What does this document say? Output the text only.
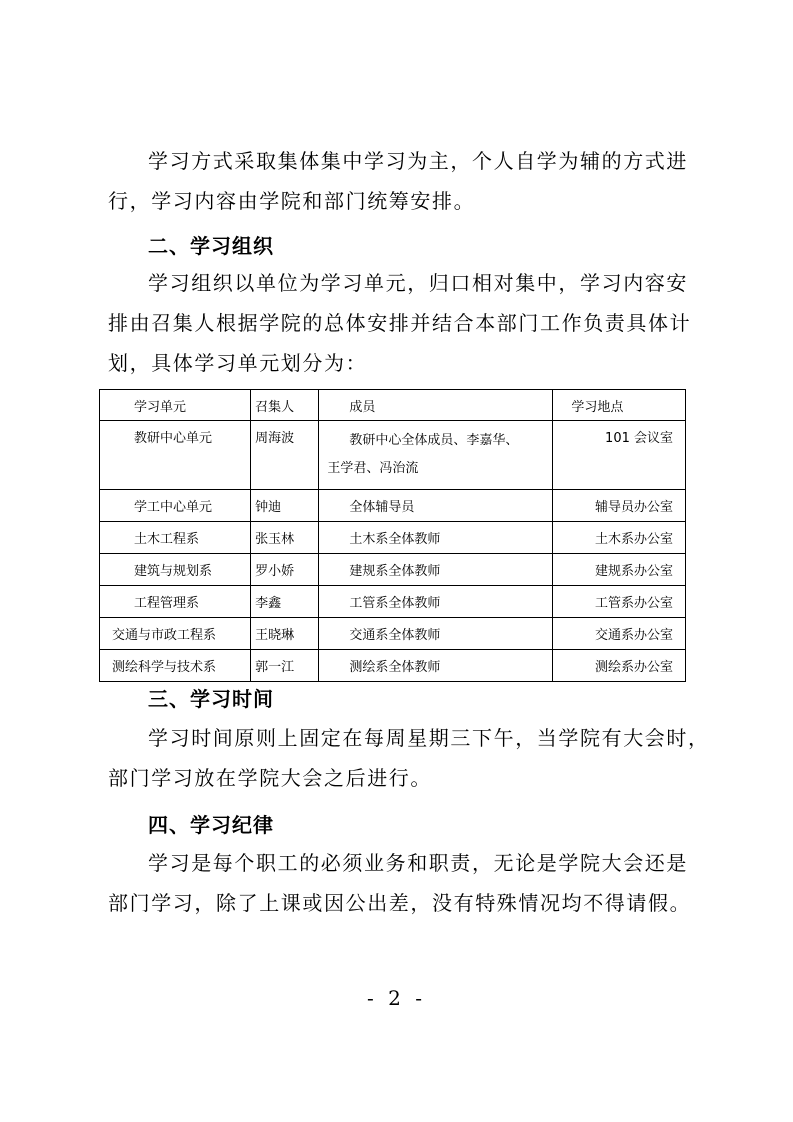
学习方式采取集体集中学习为主，个人自学为辅的方式进
行，学习内容由学院和部门统筹安排。

二、学习组织

学习组织以单位为学习单元，归口相对集中，学习内容安
排由召集人根据学院的总体安排并结合本部门工作负责具体计
划，具体学习单元划分为：

学习单元	召集人	成员	学习地点
教研中心单元	周海波	教研中心全体成员、李嘉华、
王学君、冯治流	101 会议室
学工中心单元	钟迪	全体辅导员	辅导员办公室
土木工程系	张玉林	土木系全体教师	土木系办公室
建筑与规划系	罗小娇	建规系全体教师	建规系办公室
工程管理系	李鑫	工管系全体教师	工管系办公室
交通与市政工程系	王晓琳	交通系全体教师	交通系办公室
测绘科学与技术系	郭一江	测绘系全体教师	测绘系办公室
三、学习时间

学习时间原则上固定在每周星期三下午，当学院有大会时，
部门学习放在学院大会之后进行。

四、学习纪律

学习是每个职工的必须业务和职责，无论是学院大会还是
部门学习，除了上课或因公出差，没有特殊情况均不得请假。

- 2 -
